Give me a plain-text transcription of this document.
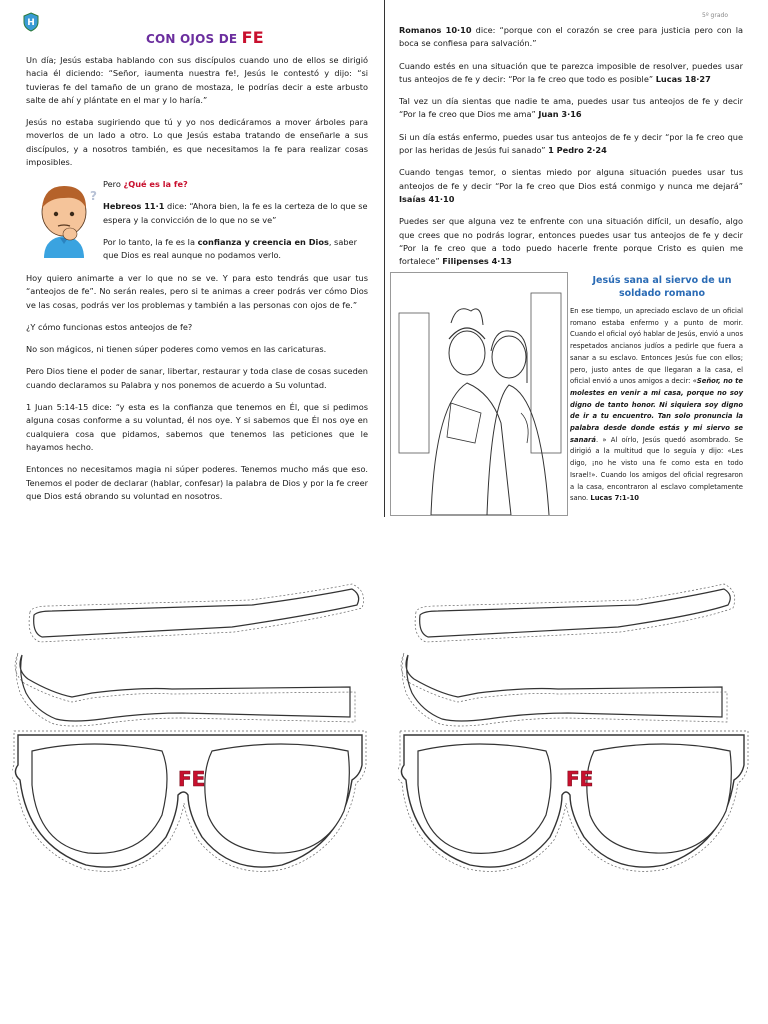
H
5º grado
CON OJOS DE FE

Un día; Jesús estaba hablando con sus discípulos cuando uno de ellos se dirigió hacia él diciendo: “Señor, iaumenta nuestra fe!, Jesús le contestó y dijo: “si tuvieras fe del tamaño de un grano de mostaza, le podrías decir a este arbusto salte de ahí y plántate en el mar y lo haría.”

Jesús no estaba sugiriendo que tú y yo nos dedicáramos a mover árboles para moverlos de un lado a otro. Lo que Jesús estaba tratando de enseñarle a sus discípulos, y a nosotros también, es que necesitamos la fe para realizar cosas imposibles.

?

Pero ¿Qué es la fe?

Hebreos 11·1 dice: “Ahora bien, la fe es la certeza de lo que se espera y la convicción de lo que no se ve”

Por lo tanto, la fe es la confianza y creencia en Dios, saber que Dios es real aunque no podamos verlo.

Hoy quiero animarte a ver lo que no se ve. Y para esto tendrás que usar tus “anteojos de fe”. No serán reales, pero si te animas a creer podrás ver cómo Dios ve las cosas, podrás ver los problemas y también a las personas con ojos de fe.”

¿Y cómo funcionas estos anteojos de fe?

No son mágicos, ni tienen súper poderes como vemos en las caricaturas.

Pero Dios tiene el poder de sanar, libertar, restaurar y toda clase de cosas suceden cuando declaramos su Palabra y nos ponemos de acuerdo a Su voluntad.

1 Juan 5:14-15 dice: “y esta es la confianza que tenemos en Él, que si pedimos alguna cosas conforme a su voluntad, él nos oye. Y si sabemos que Él nos oye en cualquiera cosa que pidamos, sabemos que tenemos las peticiones que le hayamos hecho.

Entonces no necesitamos magia ni súper poderes. Tenemos mucho más que eso. Tenemos el poder de declarar (hablar, confesar) la palabra de Dios y por la fe creer que Dios está obrando su voluntad en nosotros.

Romanos 10·10 dice: “porque con el corazón se cree para justicia pero con la boca se confiesa para salvación.”

Cuando estés en una situación que te parezca imposible de resolver, puedes usar tus anteojos de fe y decir: “Por la fe creo que todo es posible” Lucas 18·27

Tal vez un día sientas que nadie te ama, puedes usar tus anteojos de fe y decir “Por la fe creo que Dios me ama” Juan 3·16

Si un día estás enfermo, puedes usar tus anteojos de fe y decir “por la fe creo que por las heridas de Jesús fui sanado” 1 Pedro 2·24

Cuando tengas temor, o sientas miedo por alguna situación puedes usar tus anteojos de fe y decir “Por la fe creo que Dios está conmigo y nunca me dejará” Isaías 41·10

Puedes ser que alguna vez te enfrente con una situación difícil, un desafío, algo que crees que no podrás lograr, entonces puedes usar tus anteojos de fe y decir “Por la fe creo que a todo puedo hacerle frente porque Cristo es quien me fortalece” Filipenses 4·13

Jesús sana al siervo de un soldado romano
En ese tiempo, un apreciado esclavo de un oficial romano estaba enfermo y a punto de morir. Cuando el oficial oyó hablar de Jesús, envió a unos respetados ancianos judíos a pedirle que fuera a sanar a su esclavo. Entonces Jesús fue con ellos; pero, justo antes de que llegaran a la casa, el oficial envió a unos amigos a decir: «Señor, no te molestes en venir a mi casa, porque no soy digno de tanto honor. Ni siquiera soy digno de ir a tu encuentro. Tan solo pronuncia la palabra desde donde estás y mi siervo se sanará. » Al oírlo, Jesús quedó asombrado. Se dirigió a la multitud que lo seguía y dijo: «Les digo, ¡no he visto una fe como esta en todo Israel!». Cuando los amigos del oficial regresaron a la casa, encontraron al esclavo completamente sano. Lucas 7:1-10
FE	FE
